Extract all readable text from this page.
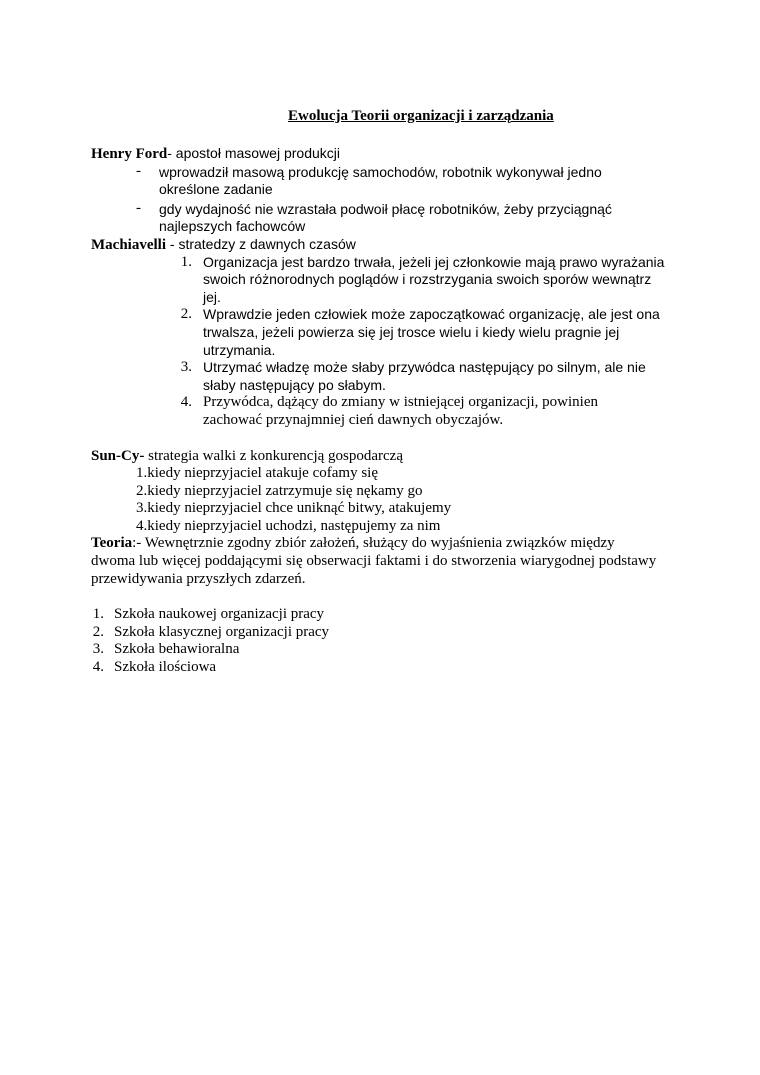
Ewolucja Teorii organizacji i zarządzania
Henry Ford- apostoł masowej produkcji
- wprowadził masową produkcję samochodów, robotnik wykonywał jedno
określone zadanie
- gdy wydajność nie wzrastała podwoił płacę robotników, żeby przyciągnąć
najlepszych fachowców
Machiavelli - stratedzy z dawnych czasów
1. Organizacja jest bardzo trwała, jeżeli jej członkowie mają prawo wyrażania
swoich różnorodnych poglądów i rozstrzygania swoich sporów wewnątrz
jej.
2. Wprawdzie jeden człowiek może zapoczątkować organizację, ale jest ona
trwalsza, jeżeli powierza się jej trosce wielu i kiedy wielu pragnie jej
utrzymania.
3. Utrzymać władzę może słaby przywódca następujący po silnym, ale nie
słaby następujący po słabym.
4. Przywódca, dążący do zmiany w istniejącej organizacji, powinien
zachować przynajmniej cień dawnych obyczajów.
Sun-Cy- strategia walki z konkurencją gospodarczą
1.kiedy nieprzyjaciel atakuje cofamy się
2.kiedy nieprzyjaciel zatrzymuje się nękamy go
3.kiedy nieprzyjaciel chce uniknąć bitwy, atakujemy
4.kiedy nieprzyjaciel uchodzi, następujemy za nim
Teoria:- Wewnętrznie zgodny zbiór założeń, służący do wyjaśnienia związków między
dwoma lub więcej poddającymi się obserwacji faktami i do stworzenia wiarygodnej podstawy
przewidywania przyszłych zdarzeń.
1. Szkoła naukowej organizacji pracy
2. Szkoła klasycznej organizacji pracy
3. Szkoła behawioralna
4. Szkoła ilościowa
